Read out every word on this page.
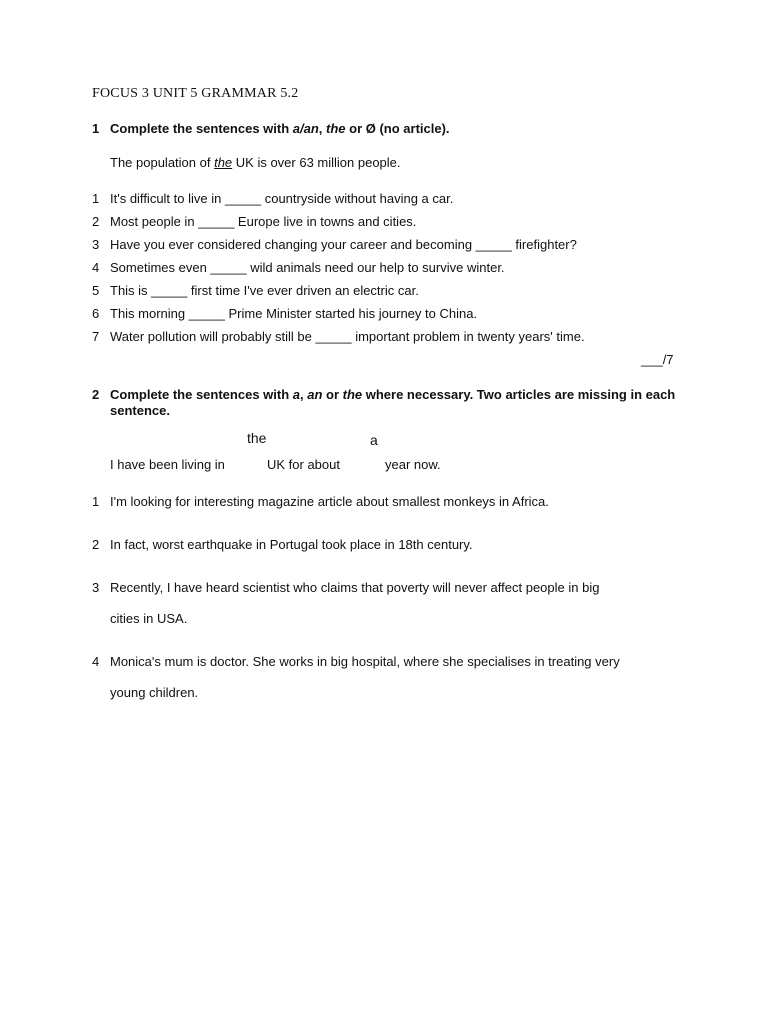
FOCUS 3 UNIT 5 GRAMMAR 5.2
1 Complete the sentences with a/an, the or Ø (no article).
The population of the UK is over 63 million people.
1 It's difficult to live in _____ countryside without having a car.
2 Most people in _____ Europe live in towns and cities.
3 Have you ever considered changing your career and becoming _____ firefighter?
4 Sometimes even _____ wild animals need our help to survive winter.
5 This is _____ first time I've ever driven an electric car.
6 This morning _____ Prime Minister started his journey to China.
7 Water pollution will probably still be _____ important problem in twenty years' time.
___/7
2 Complete the sentences with a, an or the where necessary. Two articles are missing in each sentence.
the	a
I have been living in	UK for about	year now.
1 I'm looking for interesting magazine article about smallest monkeys in Africa.
2 In fact, worst earthquake in Portugal took place in 18th century.
3 Recently, I have heard scientist who claims that poverty will never affect people in big
cities in USA.
4 Monica's mum is doctor. She works in big hospital, where she specialises in treating very
young children.
